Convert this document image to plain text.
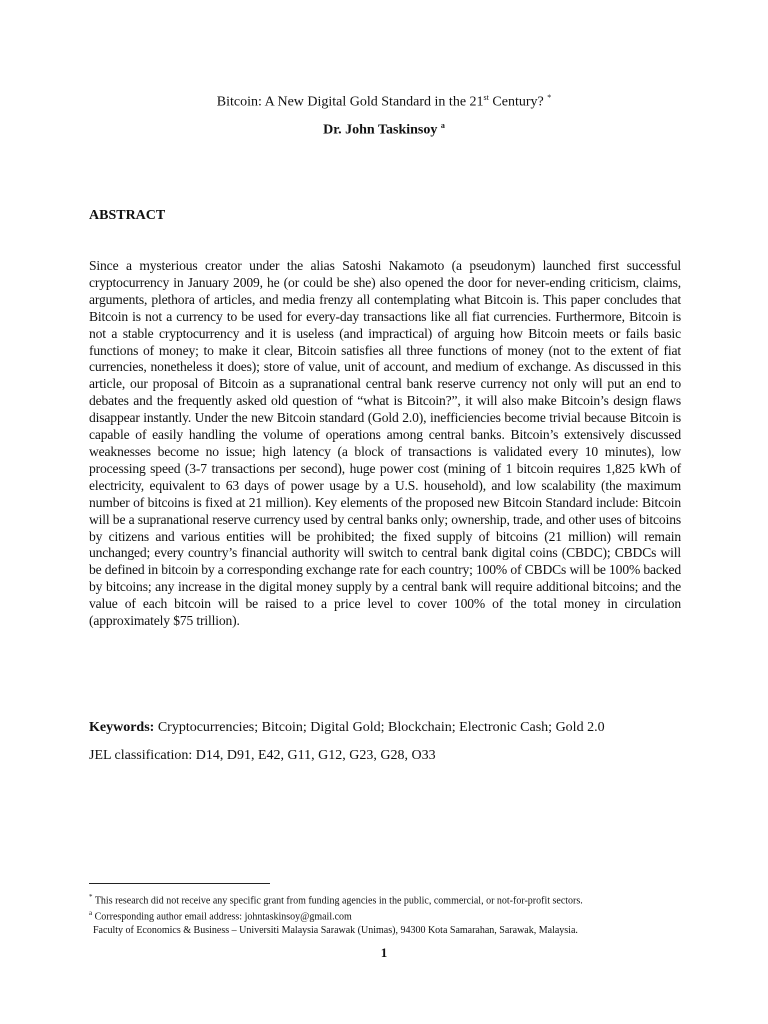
Bitcoin: A New Digital Gold Standard in the 21st Century? *
Dr. John Taskinsoy $^a$
ABSTRACT
Since a mysterious creator under the alias Satoshi Nakamoto (a pseudonym) launched first successful cryptocurrency in January 2009, he (or could be she) also opened the door for never-ending criticism, claims, arguments, plethora of articles, and media frenzy all contemplating what Bitcoin is. This paper concludes that Bitcoin is not a currency to be used for every-day transactions like all fiat currencies. Furthermore, Bitcoin is not a stable cryptocurrency and it is useless (and impractical) of arguing how Bitcoin meets or fails basic functions of money; to make it clear, Bitcoin satisfies all three functions of money (not to the extent of fiat currencies, nonetheless it does); store of value, unit of account, and medium of exchange. As discussed in this article, our proposal of Bitcoin as a supranational central bank reserve currency not only will put an end to debates and the frequently asked old question of “what is Bitcoin?”, it will also make Bitcoin’s design flaws disappear instantly. Under the new Bitcoin standard (Gold 2.0), inefficiencies become trivial because Bitcoin is capable of easily handling the volume of operations among central banks. Bitcoin’s extensively discussed weaknesses become no issue; high latency (a block of transactions is validated every 10 minutes), low processing speed (3-7 transactions per second), huge power cost (mining of 1 bitcoin requires 1,825 kWh of electricity, equivalent to 63 days of power usage by a U.S. household), and low scalability (the maximum number of bitcoins is fixed at 21 million). Key elements of the proposed new Bitcoin Standard include: Bitcoin will be a supranational reserve currency used by central banks only; ownership, trade, and other uses of bitcoins by citizens and various entities will be prohibited; the fixed supply of bitcoins (21 million) will remain unchanged; every country’s financial authority will switch to central bank digital coins (CBDC); CBDCs will be defined in bitcoin by a corresponding exchange rate for each country; 100% of CBDCs will be 100% backed by bitcoins; any increase in the digital money supply by a central bank will require additional bitcoins; and the value of each bitcoin will be raised to a price level to cover 100% of the total money in circulation (approximately $75 trillion).
Keywords: Cryptocurrencies; Bitcoin; Digital Gold; Blockchain; Electronic Cash; Gold 2.0
JEL classification: D14, D91, E42, G11, G12, G23, G28, O33
* This research did not receive any specific grant from funding agencies in the public, commercial, or not-for-profit sectors.
$^a$ Corresponding author email address: johntaskinsoy@gmail.com
Faculty of Economics & Business – Universiti Malaysia Sarawak (Unimas), 94300 Kota Samarahan, Sarawak, Malaysia.
1
